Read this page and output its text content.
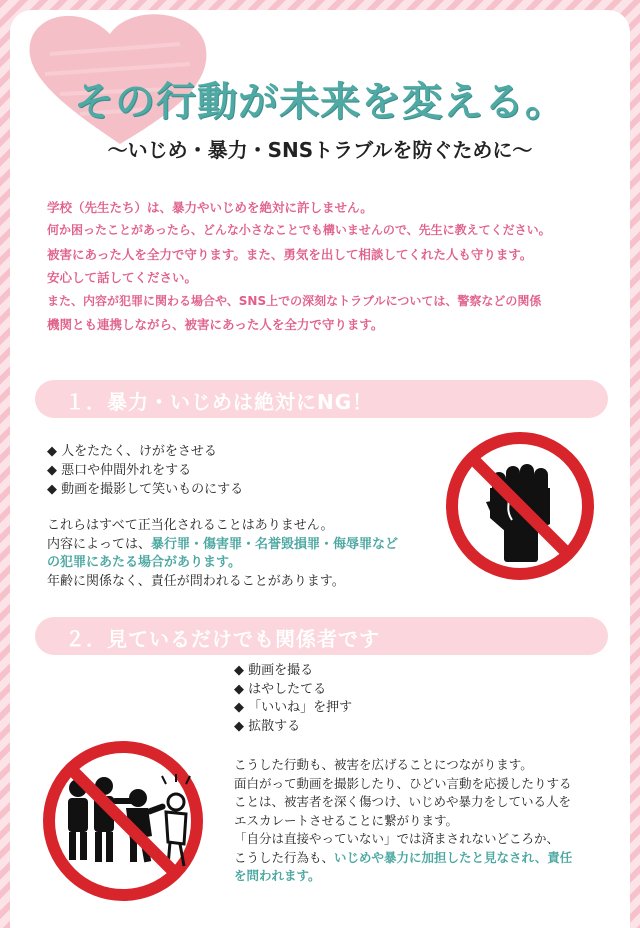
その行動が未来を変える。
〜いじめ・暴力・SNSトラブルを防ぐために〜
学校（先生たち）は、暴力やいじめを絶対に許しません。
何か困ったことがあったら、どんな小さなことでも構いませんので、先生に教えてください。
被害にあった人を全力で守ります。また、勇気を出して相談してくれた人も守ります。
安心して話してください。
また、内容が犯罪に関わる場合や、SNS上での深刻なトラブルについては、警察などの関係
機関とも連携しながら、被害にあった人を全力で守ります。
１．暴力・いじめは絶対にNG！
◆ 人をたたく、けがをさせる
◆ 悪口や仲間外れをする
◆ 動画を撮影して笑いものにする
これらはすべて正当化されることはありません。
内容によっては、暴行罪・傷害罪・名誉毀損罪・侮辱罪など
の犯罪にあたる場合があります。
年齢に関係なく、責任が問われることがあります。
２．見ているだけでも関係者です
◆ 動画を撮る
◆ はやしたてる
◆ 「いいね」を押す
◆ 拡散する
こうした行動も、被害を広げることにつながります。
面白がって動画を撮影したり、ひどい言動を応援したりする
ことは、被害者を深く傷つけ、いじめや暴力をしている人を
エスカレートさせることに繋がります。
「自分は直接やっていない」では済まされないどころか、
こうした行為も、いじめや暴力に加担したと見なされ、責任
を問われます。
